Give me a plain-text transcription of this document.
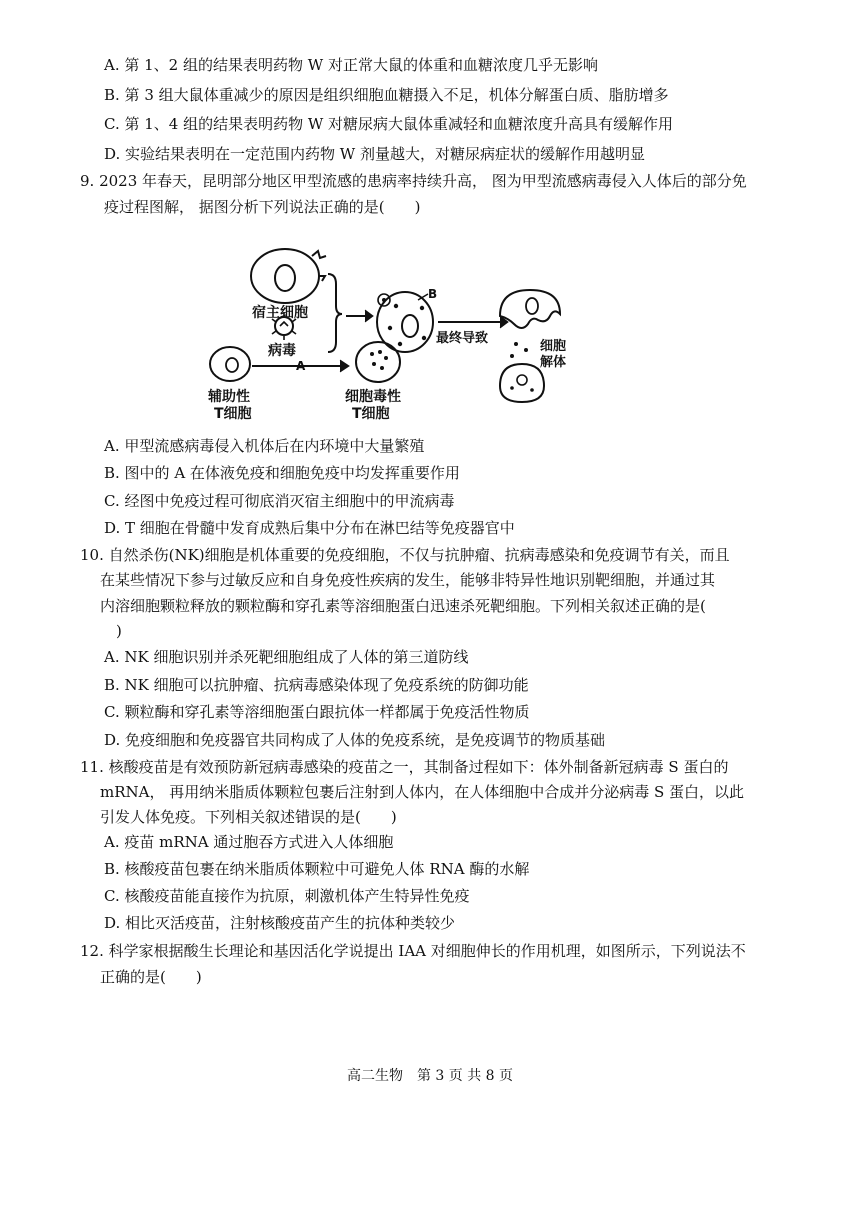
A. 第 1、2 组的结果表明药物 W 对正常大鼠的体重和血糖浓度几乎无影响
B. 第 3 组大鼠体重减少的原因是组织细胞血糖摄入不足，机体分解蛋白质、脂肪增多
C. 第 1、4 组的结果表明药物 W 对糖尿病大鼠体重减轻和血糖浓度升高具有缓解作用
D. 实验结果表明在一定范围内药物 W 剂量越大，对糖尿病症状的缓解作用越明显
9. 2023 年春天，昆明部分地区甲型流感的患病率持续升高， 图为甲型流感病毒侵入人体后的部分免
疫过程图解， 据图分析下列说法正确的是(　　)
宿主细胞
病毒
B
细胞毒性
T细胞
辅助性
T细胞
A
最终导致
细胞
解体
A. 甲型流感病毒侵入机体后在内环境中大量繁殖
B. 图中的 A 在体液免疫和细胞免疫中均发挥重要作用
C. 经图中免疫过程可彻底消灭宿主细胞中的甲流病毒
D. T 细胞在骨髓中发育成熟后集中分布在淋巴结等免疫器官中
10. 自然杀伤(NK)细胞是机体重要的免疫细胞，不仅与抗肿瘤、抗病毒感染和免疫调节有关，而且
在某些情况下参与过敏反应和自身免疫性疾病的发生，能够非特异性地识别靶细胞，并通过其
内溶细胞颗粒释放的颗粒酶和穿孔素等溶细胞蛋白迅速杀死靶细胞。下列相关叙述正确的是(
)
A. NK 细胞识别并杀死靶细胞组成了人体的第三道防线
B. NK 细胞可以抗肿瘤、抗病毒感染体现了免疫系统的防御功能
C. 颗粒酶和穿孔素等溶细胞蛋白跟抗体一样都属于免疫活性物质
D. 免疫细胞和免疫器官共同构成了人体的免疫系统，是免疫调节的物质基础
11. 核酸疫苗是有效预防新冠病毒感染的疫苗之一，其制备过程如下：体外制备新冠病毒 S 蛋白的
mRNA， 再用纳米脂质体颗粒包裹后注射到人体内，在人体细胞中合成并分泌病毒 S 蛋白，以此
引发人体免疫。下列相关叙述错误的是(　　)
A. 疫苗 mRNA 通过胞吞方式进入人体细胞
B. 核酸疫苗包裹在纳米脂质体颗粒中可避免人体 RNA 酶的水解
C. 核酸疫苗能直接作为抗原，刺激机体产生特异性免疫
D. 相比灭活疫苗，注射核酸疫苗产生的抗体种类较少
12. 科学家根据酸生长理论和基因活化学说提出 IAA 对细胞伸长的作用机理，如图所示，下列说法不
正确的是(　　)
高二生物　第 3 页 共 8 页
